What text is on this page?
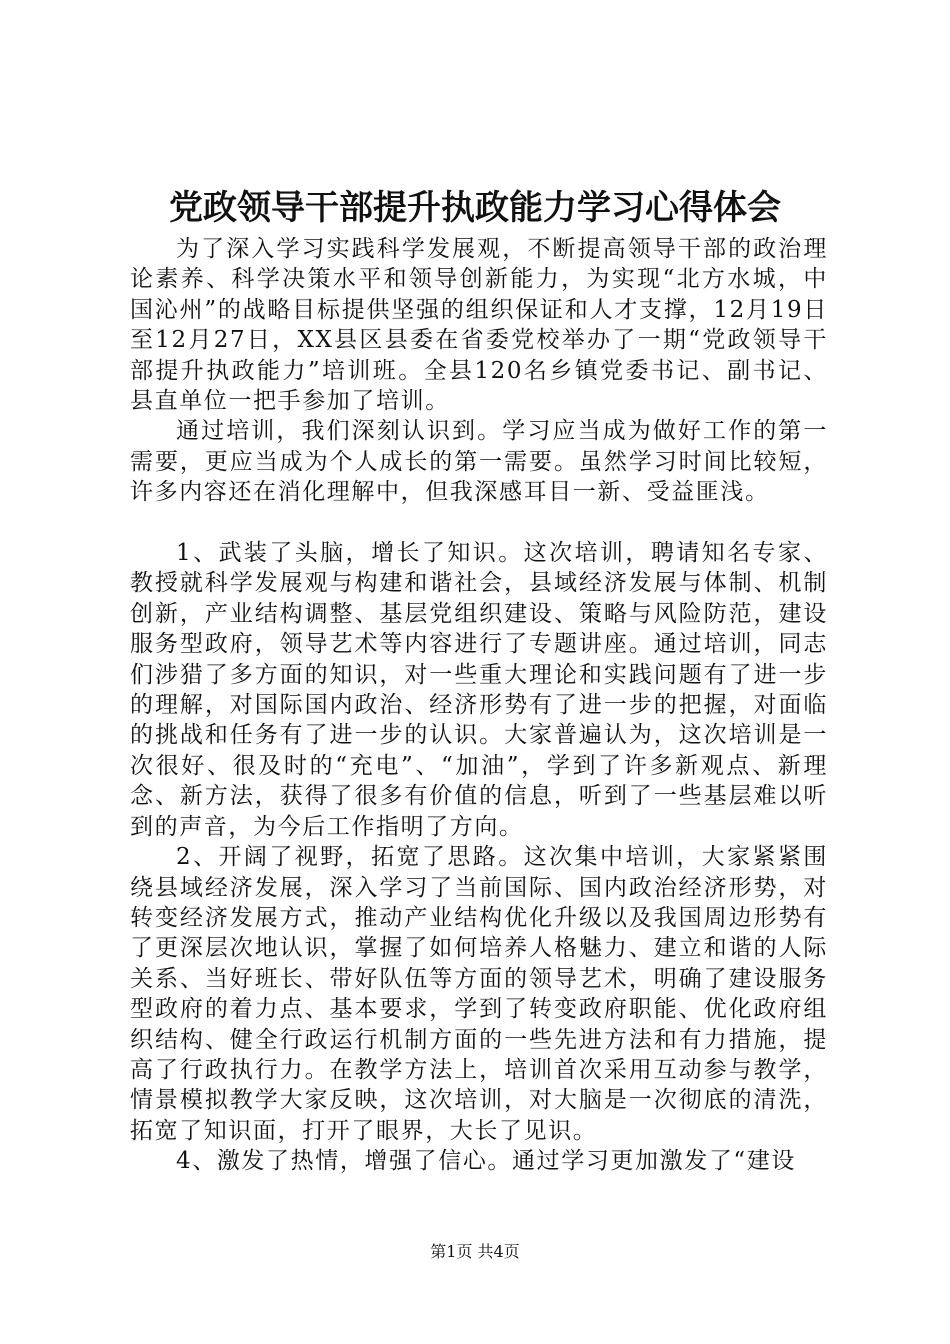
党政领导干部提升执政能力学习心得体会

为了深入学习实践科学发展观，不断提高领导干部的政治理论素养、科学决策水平和领导创新能力，为实现“北方水城，中国沁州”的战略目标提供坚强的组织保证和人才支撑，12月19日至12月27日，XX县区县委在省委党校举办了一期“党政领导干部提升执政能力”培训班。全县120名乡镇党委书记、副书记、县直单位一把手参加了培训。

通过培训，我们深刻认识到。学习应当成为做好工作的第一需要，更应当成为个人成长的第一需要。虽然学习时间比较短，许多内容还在消化理解中，但我深感耳目一新、受益匪浅。

1、武装了头脑，增长了知识。这次培训，聘请知名专家、教授就科学发展观与构建和谐社会，县域经济发展与体制、机制创新，产业结构调整、基层党组织建设、策略与风险防范，建设服务型政府，领导艺术等内容进行了专题讲座。通过培训，同志们涉猎了多方面的知识，对一些重大理论和实践问题有了进一步的理解，对国际国内政治、经济形势有了进一步的把握，对面临的挑战和任务有了进一步的认识。大家普遍认为，这次培训是一次很好、很及时的“充电”、“加油”，学到了许多新观点、新理念、新方法，获得了很多有价值的信息，听到了一些基层难以听到的声音，为今后工作指明了方向。

2、开阔了视野，拓宽了思路。这次集中培训，大家紧紧围绕县域经济发展，深入学习了当前国际、国内政治经济形势，对转变经济发展方式，推动产业结构优化升级以及我国周边形势有了更深层次地认识，掌握了如何培养人格魅力、建立和谐的人际关系、当好班长、带好队伍等方面的领导艺术，明确了建设服务型政府的着力点、基本要求，学到了转变政府职能、优化政府组织结构、健全行政运行机制方面的一些先进方法和有力措施，提高了行政执行力。在教学方法上，培训首次采用互动参与教学，情景模拟教学大家反映，这次培训，对大脑是一次彻底的清洗，拓宽了知识面，打开了眼界，大长了见识。

4、激发了热情，增强了信心。通过学习更加激发了“建设

第1页 共4页
